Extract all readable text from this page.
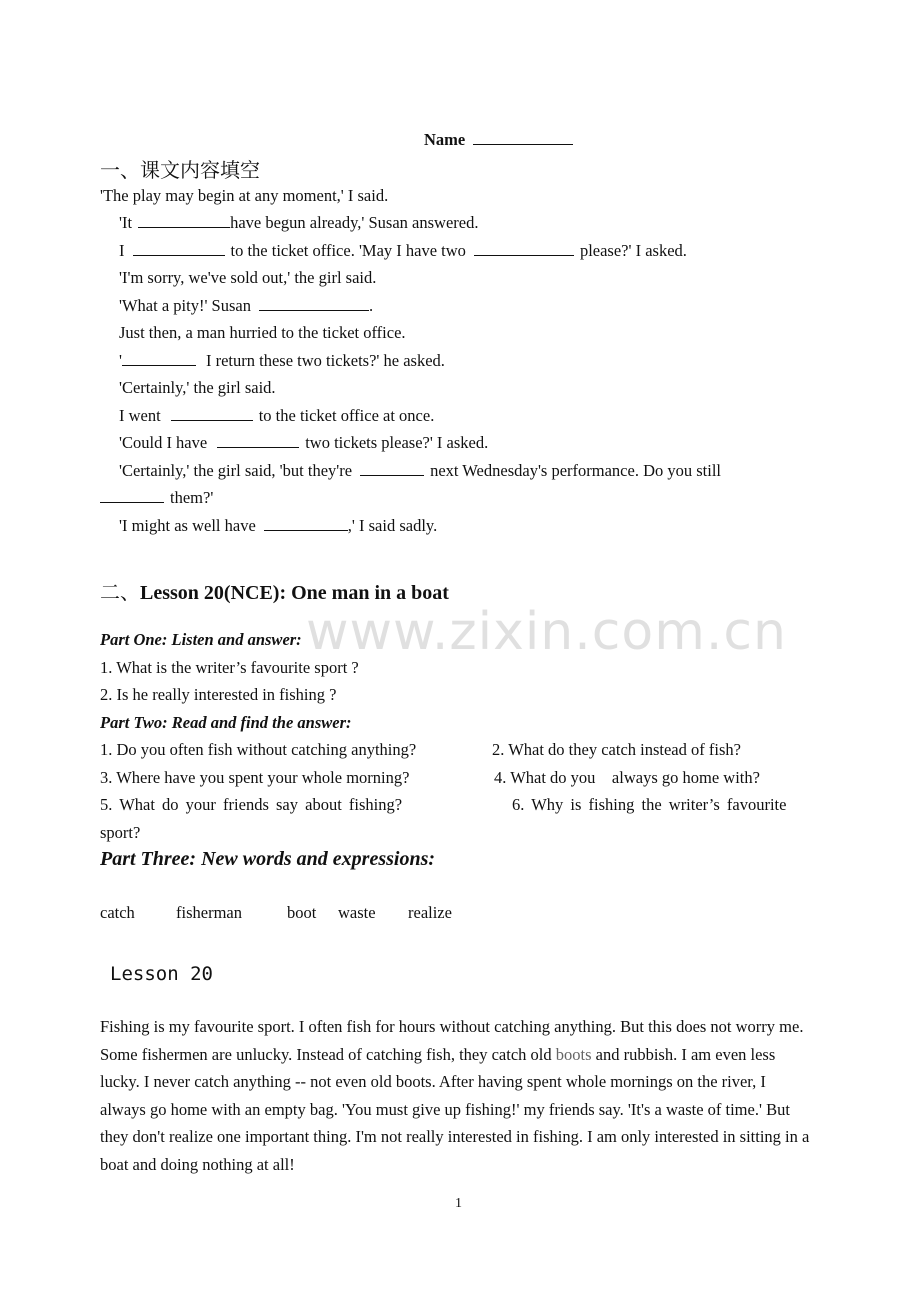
Name
一、课文内容填空
'The play may begin at any moment,' I said.
'It	have begun already,' Susan answered.
I	to the ticket office. 'May I have two	please?' I asked.
'I'm sorry, we've sold out,' the girl said.
'What a pity!' Susan	.
Just then, a man hurried to the ticket office.
'	I return these two tickets?' he asked.
'Certainly,' the girl said.
I went	to the ticket office at once.
'Could I have	two tickets please?' I asked.
'Certainly,' the girl said, 'but they're	next Wednesday's performance. Do you still
them?'
'I might as well have	,' I said sadly.
www.zixin.com.cn
二、Lesson 20(NCE): One man in a boat
Part One: Listen and answer:
1. What is the writer’s favourite sport ?
2. Is he really interested in fishing ?
Part Two: Read and find the answer:
1. Do you often fish without catching anything?	2. What do they catch instead of fish?
3. Where have you spent your whole morning?	4. What do you    always go home with?
5. What do your friends say about fishing?	6. Why is fishing the writer’s favourite
sport?
Part Three: New words and expressions:
catch fisherman	boot waste realize
Lesson 20
Fishing is my favourite sport. I often fish for hours without catching anything. But this does not worry me. Some fishermen are unlucky. Instead of catching fish, they catch old boots and rubbish. I am even less lucky. I never catch anything -- not even old boots. After having spent whole mornings on the river, I always go home with an empty bag. 'You must give up fishing!' my friends say. 'It's a waste of time.' But they don't realize one important thing. I'm not really interested in fishing. I am only interested in sitting in a boat and doing nothing at all!
1
